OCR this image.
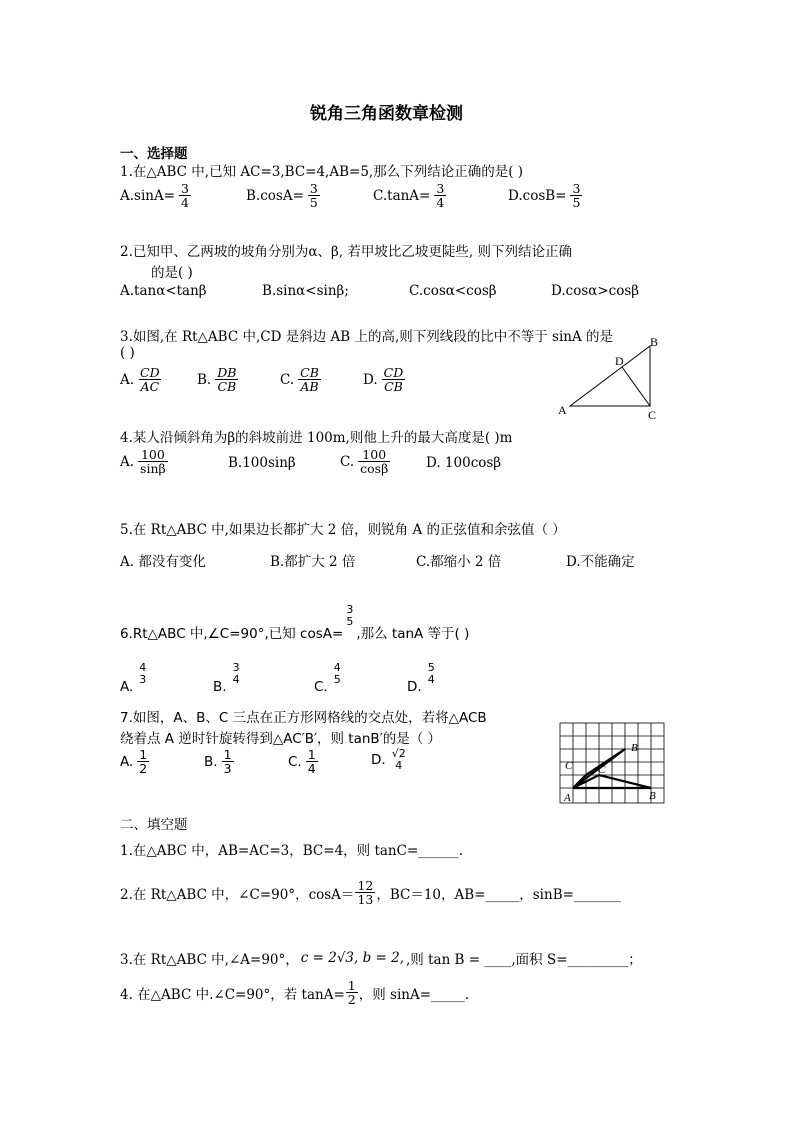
锐角三角函数章检测
一、选择题
1.在△ABC 中,已知 AC=3,BC=4,AB=5,那么下列结论正确的是( )
$A.\sin A= \frac{3}{4}$	$B.\cos A= \frac{3}{5}$	$C.\tan A= \frac{3}{4}$	$D.\cos B= \frac{3}{5}$
2.已知甲、乙两坡的坡角分别为α、β, 若甲坡比乙坡更陡些, 则下列结论正确
的是( )
A.tanα<tanβ	B.sinα<sinβ;	C.cosα<cosβ	D.cosα>cosβ
3.如图,在 Rt△ABC 中,CD 是斜边 AB 上的高,则下列线段的比中不等于 sinA 的是
( )
A. $\frac{CD}{AC}$	B. $\frac{DB}{CB}$	C. $\frac{CB}{AB}$	D. $\frac{CD}{CB}$
A	C
B
D
4.某人沿倾斜角为β的斜坡前进 100m,则他上升的最大高度是( )m
A. $\frac{100}{\sin\beta}$	B.100sinβ	C. $\frac{100}{\cos\beta}$	D. 100cosβ
5.在 Rt△ABC 中,如果边长都扩大 2 倍，则锐角 A 的正弦值和余弦值（ ）
A. 都没有变化	B.都扩大 2 倍	C.都缩小 2 倍	D.不能确定
6.Rt△ABC 中,∠C=90°,已知 cosA=
3
5
,那么 tanA 等于( )
A.
4
3	B.
3
4	C.
4
5	D.
5
4
7.如图，A、B、C 三点在正方形网格线的交点处，若将△ACB
绕着点 A 逆时针旋转得到△AC′B′，则 tanB′的是（ ）
A. $\frac{1}{2}$	B. $\frac{1}{3}$	C. $\frac{1}{4}$	D. √2
4
A	B
C
B
C
二、填空题
1.在△ABC 中，AB=AC=3，BC=4，则 tanC=______.
2.在 Rt△ABC 中，∠C=90°，$\cos A= \frac{12}{13}$ ，BC＝10，AB=_____，sinB=_______
3.在 Rt△ABC 中,∠A=90°， c = 2√3, b = 2, ,则 tan B = ____ ,面积 S=_________；
4. 在△ABC 中.∠C=90°，若 $\tan A= \frac{1}{2}$ ，则 sinA=_____.
